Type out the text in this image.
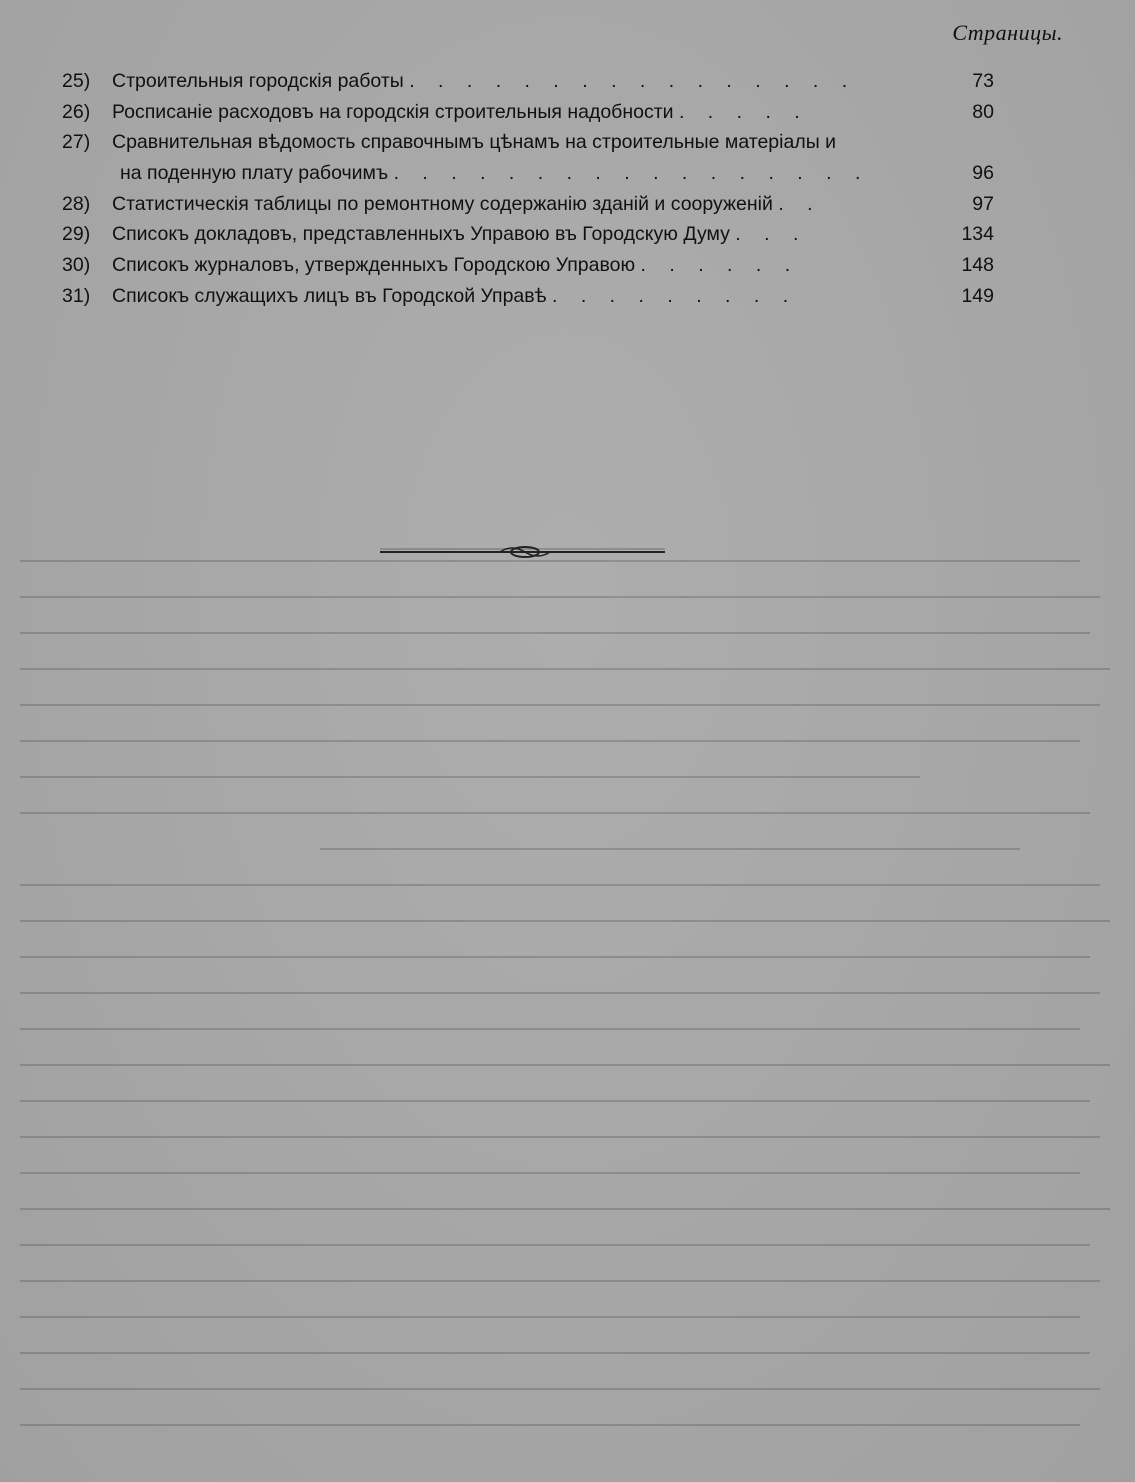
Страницы.
25)	Строительныя городскія работы . . . . . . . . . . . . . . . .	73
26)	Росписаніе расходовъ на городскія строительныя надобности . . . . .	80
27)	Сравнительная вѣдомость справочнымъ цѣнамъ на строительные матеріалы и
на поденную плату рабочимъ . . . . . . . . . . . . . . . . .	96
28)	Статистическія таблицы по ремонтному содержанію зданій и сооруженій . .	97
29)	Списокъ докладовъ, представленныхъ Управою въ Городскую Думу . . .	134
30)	Списокъ журналовъ, утвержденныхъ Городскою Управою . . . . . .	148
31)	Списокъ служащихъ лицъ въ Городской Управѣ . . . . . . . . .	149
